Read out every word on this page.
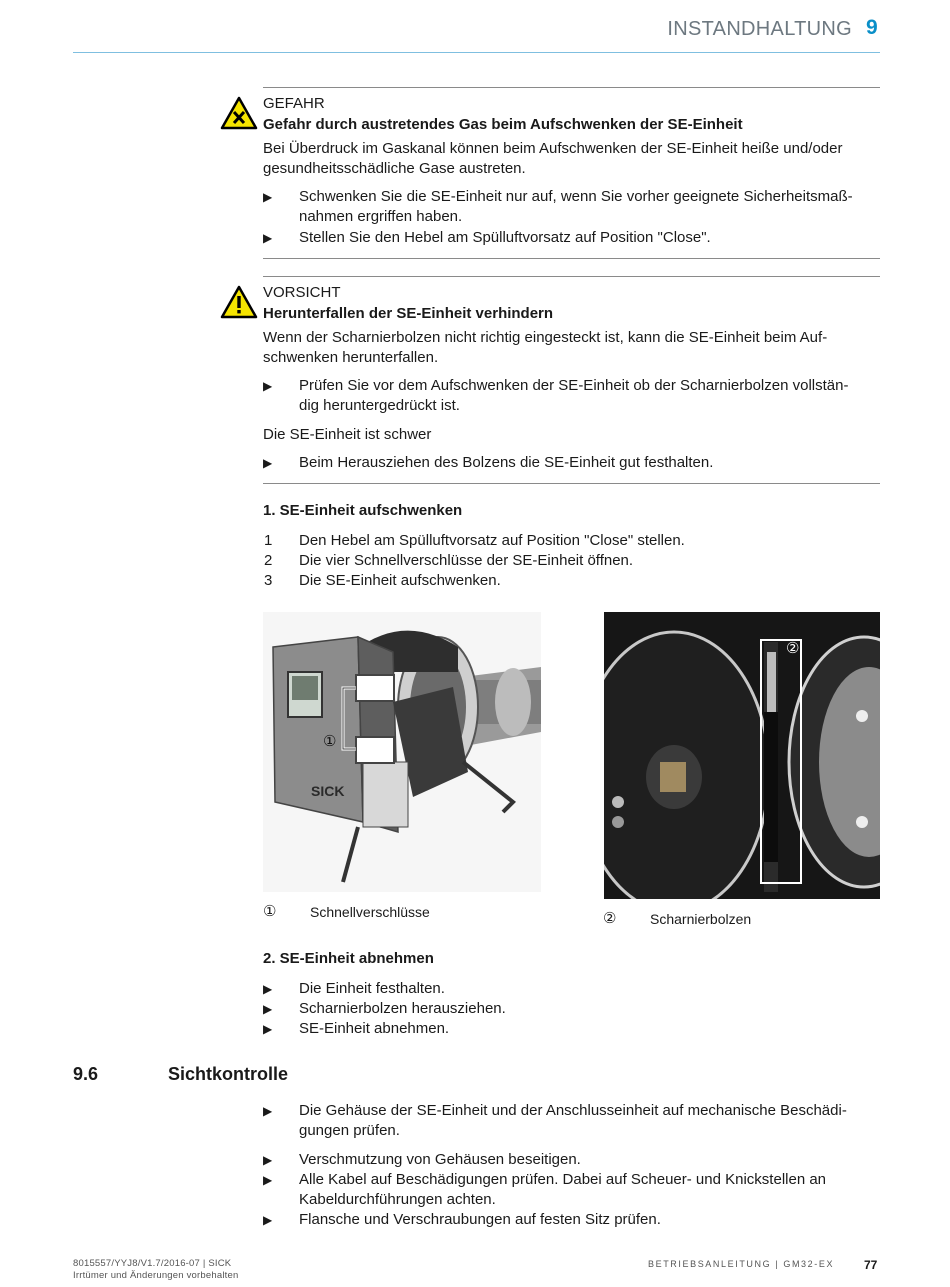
INSTANDHALTUNG 9
GEFAHR
Gefahr durch austretendes Gas beim Aufschwenken der SE-Einheit
Bei Überdruck im Gaskanal können beim Aufschwenken der SE-Einheit heiße und/oder
gesundheitsschädliche Gase austreten.
▶ Schwenken Sie die SE-Einheit nur auf, wenn Sie vorher geeignete Sicherheitsmaß-
nahmen ergriffen haben.
▶ Stellen Sie den Hebel am Spülluftvorsatz auf Position "Close".
VORSICHT
Herunterfallen der SE-Einheit verhindern
Wenn der Scharnierbolzen nicht richtig eingesteckt ist, kann die SE-Einheit beim Auf-
schwenken herunterfallen.
▶ Prüfen Sie vor dem Aufschwenken der SE-Einheit ob der Scharnierbolzen vollstän-
dig heruntergedrückt ist.
Die SE-Einheit ist schwer
▶ Beim Herausziehen des Bolzens die SE-Einheit gut festhalten.
1. SE-Einheit aufschwenken
1 Den Hebel am Spülluftvorsatz auf Position "Close" stellen.
2 Die vier Schnellverschlüsse der SE-Einheit öffnen.
3 Die SE-Einheit aufschwenken.
SICK
①
②
① Schnellverschlüsse	② Scharnierbolzen
2. SE-Einheit abnehmen
▶ Die Einheit festhalten.
▶ Scharnierbolzen herausziehen.
▶ SE-Einheit abnehmen.
9.6	Sichtkontrolle
▶ Die Gehäuse der SE-Einheit und der Anschlusseinheit auf mechanische Beschädi-
gungen prüfen.
▶ Verschmutzung von Gehäusen beseitigen.
▶ Alle Kabel auf Beschädigungen prüfen. Dabei auf Scheuer- und Knickstellen an
Kabeldurchführungen achten.
▶ Flansche und Verschraubungen auf festen Sitz prüfen.
8015557/YYJ8/V1.7/2016-07 | SICK
Irrtümer und Änderungen vorbehalten
BETRIEBSANLEITUNG | GM32-EX 77
